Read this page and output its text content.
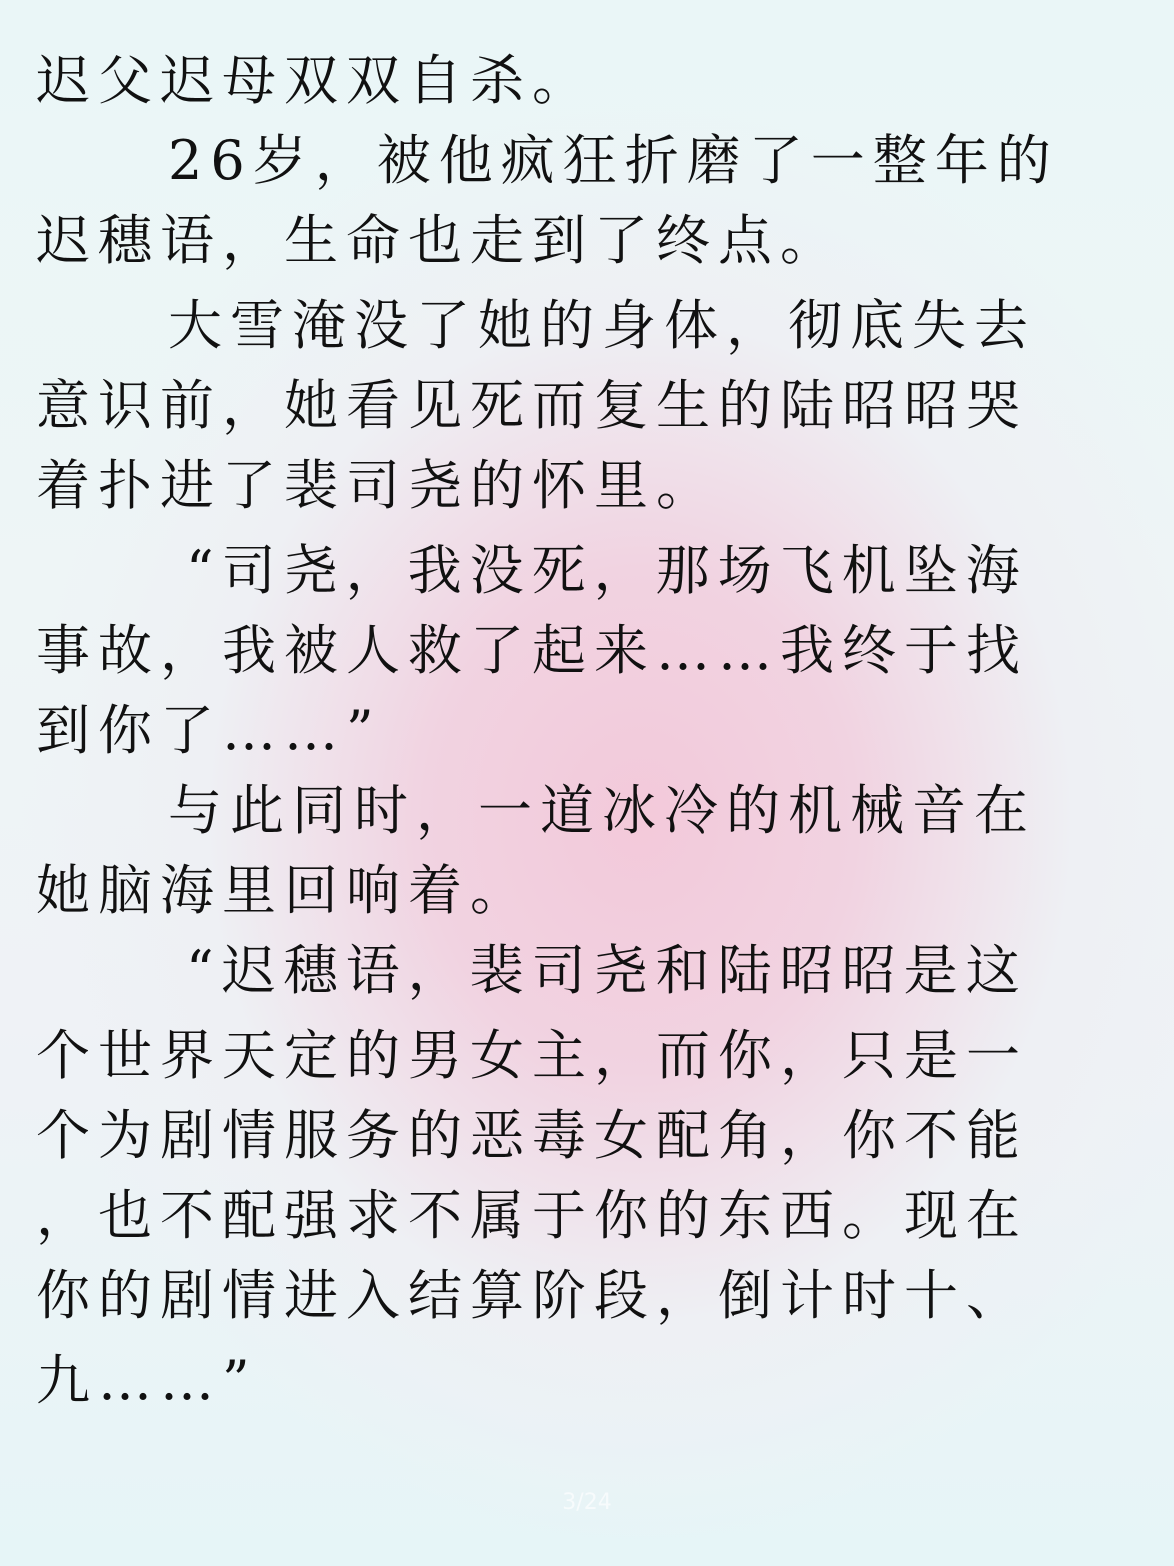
迟父迟母双双自杀。
26岁，被他疯狂折磨了一整年的
迟穗语，生命也走到了终点。
大雪淹没了她的身体，彻底失去
意识前，她看见死而复生的陆昭昭哭
着扑进了裴司尧的怀里。
“司尧，我没死，那场飞机坠海
事故，我被人救了起来……我终于找
到你了……”
与此同时，一道冰冷的机械音在
她脑海里回响着。
“迟穗语，裴司尧和陆昭昭是这
个世界天定的男女主，而你，只是一
个为剧情服务的恶毒女配角，你不能
，也不配强求不属于你的东西。现在
你的剧情进入结算阶段，倒计时十、
九……”
3/24
